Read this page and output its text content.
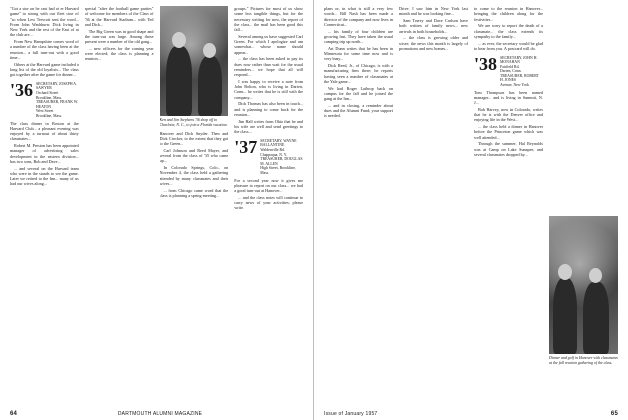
"Got a stor on he cast had ot er Harvard game" to strong with our fleet cine of "so when Lew Trescott sent the word... From John Washburn: Dick living in New York and the rest of the East of at the club are...

From New Hampshire comes word of a number of the class having been at the reunion... a full turn-out with a good time...

Others at the Harvard game included a long list of the old loyalists... The class got together after the game for dinner...

'36 SECRETARY, JOSEPH A. SAWYER
Orchard Street
Brookline, Mass.
TREASURER, FRANK W. HEATON
West Street
Brookline, Mass.

The class dinner in Boston at the Harvard Club... a pleasant evening was enjoyed by a turnout of about thirty classmates...

Robert M. Preston has been appointed manager of advertising sales development in the eastern division... has two sons, Bob and Dave...

... and several on the Harvard team who were in the stands to see the game. Later we retired to the Inn... many of us had our wives along...

special "after the football game parties" of welcome for members of the Class of '36 at the Harvard Stadium... with Ted and Dick...

The Big Green was in good shape and the turn-out was large. Among those present were a number of the old gang...

... new officers for the coming year were elected; the class is planning a reunion...

Ken and Jim Stephens '36 shop off to Charlotte, N. C., to join a Florida vacation.

Hanover and Dick Snyder. Then and Dick Crocker, to the extent that they got to the Green...

Carl Johnson and Reed Mayer, and several from the class of '35 who came up...

In Colorado Springs, Colo., on November 4, the class held a gathering attended by many classmates and their wives...

... from Chicago came word that the class is planning a spring meeting...

groups." Pictures for most of us show some less tangible things, but for the necessary writing for now, the report of the class... the mail has been good this fall...

Several among us have suggested Carl Green. For which I apologize and am somewhat... whose name should appear...

... the class has been asked to pay its dues now rather than wait for the usual reminders... we hope that all will respond...

I was happy to receive a note from John Bolton, who is living in Darien, Conn... he writes that he is still with the company...

Dick Thomas has also been in touch... and is planning to come back for the reunion...

Jim Hall writes from Ohio that he and his wife are well and send greetings to the class...

'37 SECRETARY, WAYNE BALLANTINE
Waldenville Rd.
Chappaqua, N. Y.
TREASURER, DOUGLAS M. ALLEN
High Street, Brookline, Mass.

For a second year now it gives me pleasure to report on our class... we had a good turn-out at Hanover...

... and the class notes will continue to carry news of your activities; please write.

64	DARTMOUTH ALUMNI MAGAZINE

plans or, in what is still a very few words... Bill Nash has been made a director of the company and now lives in Connecticut...

... his family of four children are growing fast. They have taken the usual camping trip up north...

Art Dunn writes that he has been in Minnesota for some time now and is very busy...

Dick Reed, Jr., of Chicago, is with a manufacturing firm there; he reports having seen a number of classmates at the Yale game...

We had Roger Lathrop back on campus for the fall and he joined the gang at the Inn...

... and in closing, a reminder about dues and the Alumni Fund; your support is needed.

Drive. I saw him in New York last month and he was looking fine...

Sam Torrey and Dave Carlson have both written of family news... new arrivals in both households...

... the class is growing older and wiser; the news this month is largely of promotions and new homes...

to come to the reunion in Hanover... bringing the children along for the festivities...

We are sorry to report the death of a classmate... the class extends its sympathy to the family...

... as ever, the secretary would be glad to hear from you. A postcard will do.

'38 SECRETARY, JOHN H. MONAHAN
Fairfield Rd.
Darien, Conn.
TREASURER, ROBERT H. JONES
Avenue, New York

Tom Thompson has been named manager... and is living in Summit, N. J...

Bob Harvey, now in Colorado, writes that he is with the Denver office and enjoying life in the West...

... the class held a dinner in Hanover before the Princeton game which was well attended...

Through the summer, Hal Reynolds was at Camp on Lake Sunapee, and several classmates dropped by...

Dinner and golf in Hanover with classmates at the fall reunion gathering of the class.

Issue of January 1957	65
